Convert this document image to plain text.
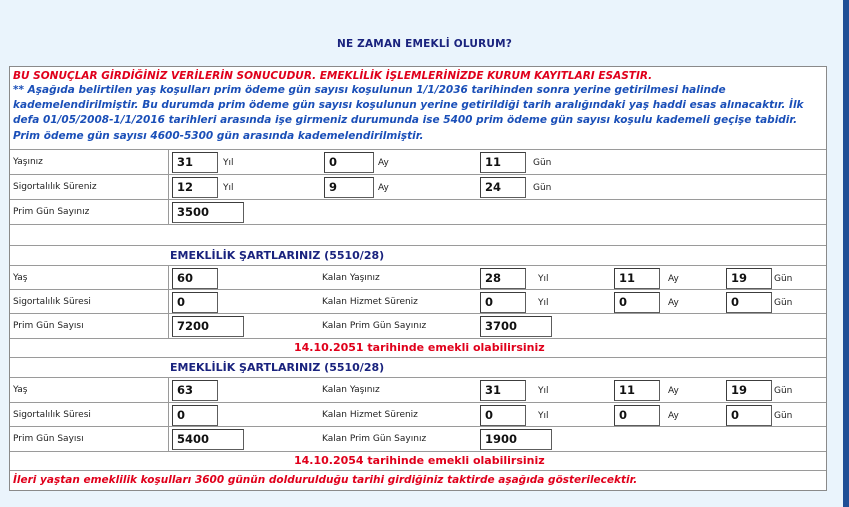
NE ZAMAN EMEKLİ OLURUM?
BU SONUÇLAR GİRDİĞİNİZ VERİLERİN SONUCUDUR. EMEKLİLİK İŞLEMLERİNİZDE KURUM KAYITLARI ESASTIR.
** Aşağıda belirtilen yaş koşulları prim ödeme gün sayısı koşulunun 1/1/2036 tarihinden sonra yerine getirilmesi halinde kademelendirilmiştir. Bu durumda prim ödeme gün sayısı koşulunun yerine getirildiği tarih aralığındaki yaş haddi esas alınacaktır. İlk defa 01/05/2008-1/1/2016 tarihleri arasında işe girmeniz durumunda ise 5400 prim ödeme gün sayısı koşulu kademeli geçişe tabidir. Prim ödeme gün sayısı 4600-5300 gün arasında kademelendirilmiştir.
Yaşınız	31	Yıl	0	Ay	11	Gün
Sigortalılık Süreniz	12	Yıl	9	Ay	24	Gün
Prim Gün Sayınız	3500
EMEKLİLİK ŞARTLARINIZ (5510/28)
Yaş	60	Kalan Yaşınız	28	Yıl	11	Ay	19	Gün
Sigortalılık Süresi	0	Kalan Hizmet Süreniz	0	Yıl	0	Ay	0	Gün
Prim Gün Sayısı	7200	Kalan Prim Gün Sayınız	3700
14.10.2051 tarihinde emekli olabilirsiniz
EMEKLİLİK ŞARTLARINIZ (5510/28)
Yaş	63	Kalan Yaşınız	31	Yıl	11	Ay	19	Gün
Sigortalılık Süresi	0	Kalan Hizmet Süreniz	0	Yıl	0	Ay	0	Gün
Prim Gün Sayısı	5400	Kalan Prim Gün Sayınız	1900
14.10.2054 tarihinde emekli olabilirsiniz
İleri yaştan emeklilik koşulları 3600 günün doldurulduğu tarihi girdiğiniz taktirde aşağıda gösterilecektir.
